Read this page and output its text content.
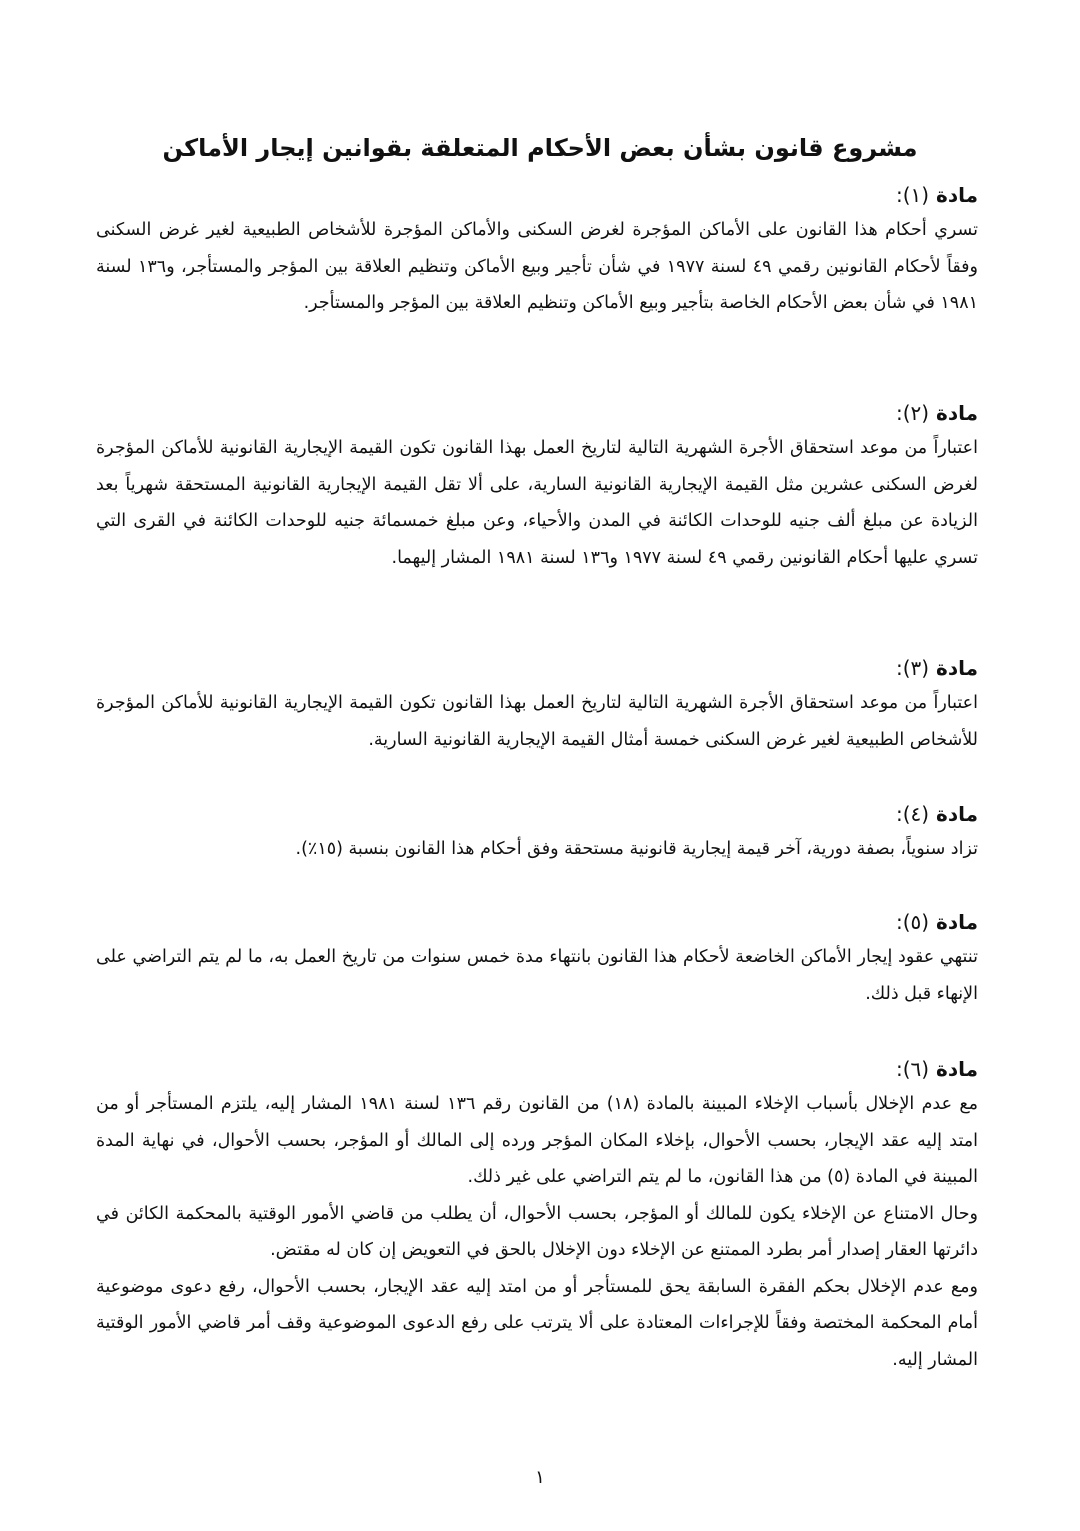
مشروع قانون بشأن بعض الأحكام المتعلقة بقوانين إيجار الأماكن
مادة (١):
تسري أحكام هذا القانون على الأماكن المؤجرة لغرض السكنى والأماكن المؤجرة للأشخاص الطبيعية لغير غرض السكنى وفقاً لأحكام القانونين رقمي ٤٩ لسنة ١٩٧٧ في شأن تأجير وبيع الأماكن وتنظيم العلاقة بين المؤجر والمستأجر، و١٣٦ لسنة ١٩٨١ في شأن بعض الأحكام الخاصة بتأجير وبيع الأماكن وتنظيم العلاقة بين المؤجر والمستأجر.
مادة (٢):
اعتباراً من موعد استحقاق الأجرة الشهرية التالية لتاريخ العمل بهذا القانون تكون القيمة الإيجارية القانونية للأماكن المؤجرة لغرض السكنى عشرين مثل القيمة الإيجارية القانونية السارية، على ألا تقل القيمة الإيجارية القانونية المستحقة شهرياً بعد الزيادة عن مبلغ ألف جنيه للوحدات الكائنة في المدن والأحياء، وعن مبلغ خمسمائة جنيه للوحدات الكائنة في القرى التي تسري عليها أحكام القانونين رقمي ٤٩ لسنة ١٩٧٧ و١٣٦ لسنة ١٩٨١ المشار إليهما.
مادة (٣):
اعتباراً من موعد استحقاق الأجرة الشهرية التالية لتاريخ العمل بهذا القانون تكون القيمة الإيجارية القانونية للأماكن المؤجرة للأشخاص الطبيعية لغير غرض السكنى خمسة أمثال القيمة الإيجارية القانونية السارية.
مادة (٤):
تزاد سنوياً، بصفة دورية، آخر قيمة إيجارية قانونية مستحقة وفق أحكام هذا القانون بنسبة (١٥٪).
مادة (٥):
تنتهي عقود إيجار الأماكن الخاضعة لأحكام هذا القانون بانتهاء مدة خمس سنوات من تاريخ العمل به، ما لم يتم التراضي على الإنهاء قبل ذلك.
مادة (٦):
مع عدم الإخلال بأسباب الإخلاء المبينة بالمادة (١٨) من القانون رقم ١٣٦ لسنة ١٩٨١ المشار إليه، يلتزم المستأجر أو من امتد إليه عقد الإيجار، بحسب الأحوال، بإخلاء المكان المؤجر ورده إلى المالك أو المؤجر، بحسب الأحوال، في نهاية المدة المبينة في المادة (٥) من هذا القانون، ما لم يتم التراضي على غير ذلك.
وحال الامتناع عن الإخلاء يكون للمالك أو المؤجر، بحسب الأحوال، أن يطلب من قاضي الأمور الوقتية بالمحكمة الكائن في دائرتها العقار إصدار أمر بطرد الممتنع عن الإخلاء دون الإخلال بالحق في التعويض إن كان له مقتض.
ومع عدم الإخلال بحكم الفقرة السابقة يحق للمستأجر أو من امتد إليه عقد الإيجار، بحسب الأحوال، رفع دعوى موضوعية أمام المحكمة المختصة وفقاً للإجراءات المعتادة على ألا يترتب على رفع الدعوى الموضوعية وقف أمر قاضي الأمور الوقتية المشار إليه.
١
